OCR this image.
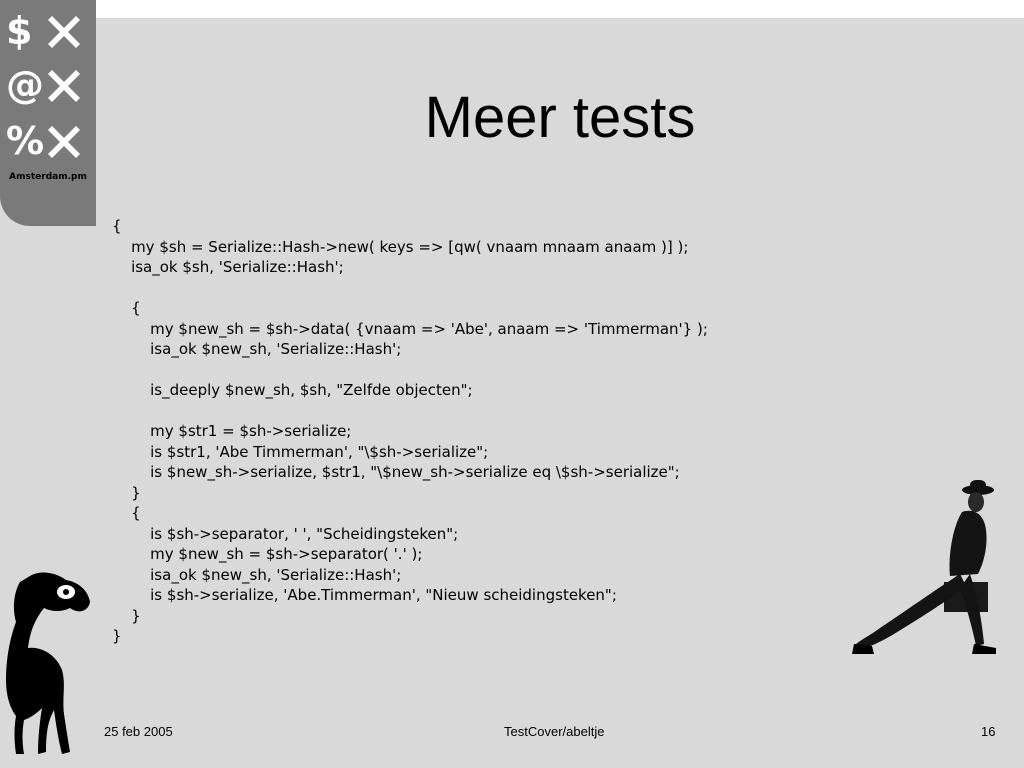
$
@
%
Amsterdam.pm
Meer tests
{
my $sh = Serialize::Hash->new( keys => [qw( vnaam mnaam anaam )] );
isa_ok $sh, 'Serialize::Hash';
{
my $new_sh = $sh->data( {vnaam => 'Abe', anaam => 'Timmerman'} );
isa_ok $new_sh, 'Serialize::Hash';
is_deeply $new_sh, $sh, "Zelfde objecten";
my $str1 = $sh->serialize;
is $str1, 'Abe Timmerman', "\$sh->serialize";
is $new_sh->serialize, $str1, "\$new_sh->serialize eq \$sh->serialize";
}
{
is $sh->separator, ' ', "Scheidingsteken";
my $new_sh = $sh->separator( '.' );
isa_ok $new_sh, 'Serialize::Hash';
is $sh->serialize, 'Abe.Timmerman', "Nieuw scheidingsteken";
}
}
25 feb 2005	TestCover/abeltje	16
